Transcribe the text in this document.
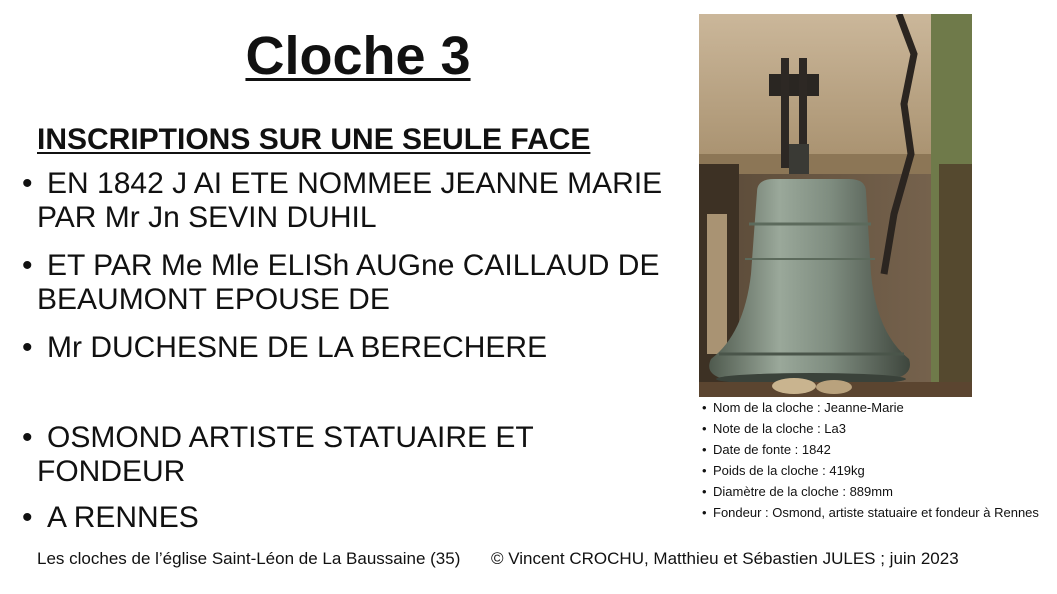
Cloche 3
INSCRIPTIONS SUR UNE SEULE FACE
• EN 1842 J AI ETE NOMMEE JEANNE MARIE PAR Mr Jn SEVIN DUHIL
• ET PAR Me Mle ELISh AUGne CAILLAUD DE BEAUMONT EPOUSE DE
• Mr DUCHESNE DE LA BERECHERE
• OSMOND ARTISTE STATUAIRE ET FONDEUR
• A RENNES
• Nom de la cloche : Jeanne-Marie
• Note de la cloche : La3
• Date de fonte : 1842
• Poids de la cloche : 419kg
• Diamètre de la cloche : 889mm
• Fondeur : Osmond, artiste statuaire et fondeur à Rennes
Les cloches de l’église Saint-Léon de La Baussaine (35) © Vincent CROCHU, Matthieu et Sébastien JULES ; juin 2023
